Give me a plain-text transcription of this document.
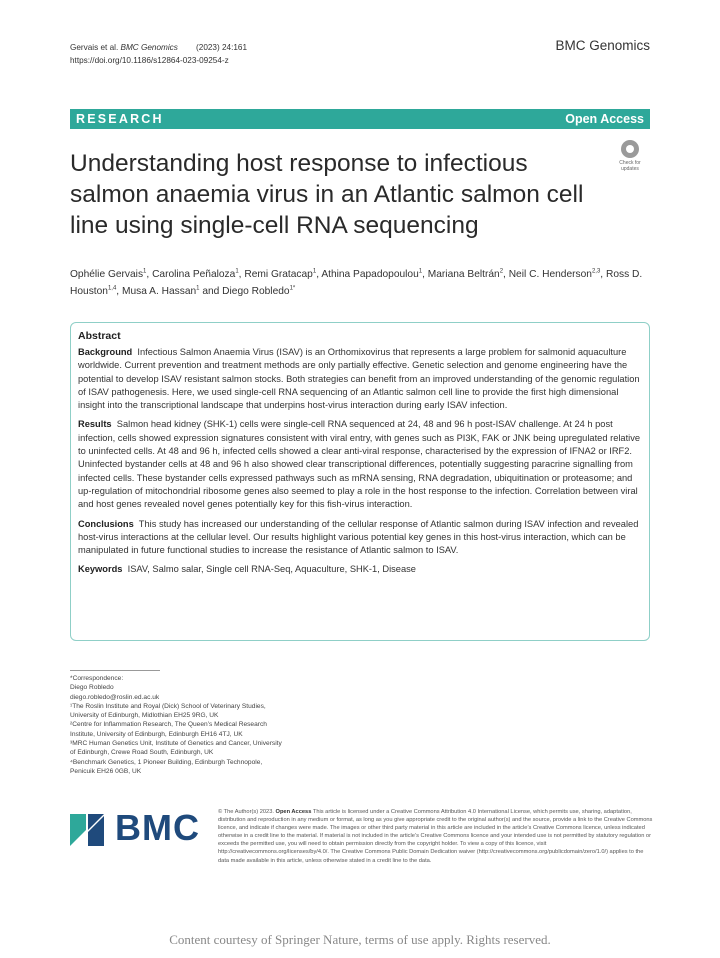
Gervais et al. BMC Genomics (2023) 24:161
https://doi.org/10.1186/s12864-023-09254-z
BMC Genomics
RESEARCH	Open Access
Understanding host response to infectious salmon anaemia virus in an Atlantic salmon cell line using single-cell RNA sequencing
Check for
updates
Ophélie Gervais$^1$, Carolina Peñaloza$^1$, Remi Gratacap$^1$, Athina Papadopoulou$^1$, Mariana Beltrán$^2$, Neil C. Henderson$^{2,3}$, Ross D. Houston$^{1,4}$, Musa A. Hassan$^1$ and Diego Robledo$^{1*}$
Abstract

Background Infectious Salmon Anaemia Virus (ISAV) is an Orthomixovirus that represents a large problem for salmonid aquaculture worldwide. Current prevention and treatment methods are only partially effective. Genetic selection and genome engineering have the potential to develop ISAV resistant salmon stocks. Both strategies can benefit from an improved understanding of the genomic regulation of ISAV pathogenesis. Here, we used single-cell RNA sequencing of an Atlantic salmon cell line to provide the first high dimensional insight into the transcriptional landscape that underpins host-virus interaction during early ISAV infection.

Results Salmon head kidney (SHK-1) cells were single-cell RNA sequenced at 24, 48 and 96 h post-ISAV challenge. At 24 h post infection, cells showed expression signatures consistent with viral entry, with genes such as PI3K, FAK or JNK being upregulated relative to uninfected cells. At 48 and 96 h, infected cells showed a clear anti-viral response, characterised by the expression of IFNA2 or IRF2. Uninfected bystander cells at 48 and 96 h also showed clear transcriptional differences, potentially suggesting paracrine signalling from infected cells. These bystander cells expressed pathways such as mRNA sensing, RNA degradation, ubiquitination or proteasome; and up-regulation of mitochondrial ribosome genes also seemed to play a role in the host response to the infection. Correlation between viral and host genes revealed novel genes potentially key for this fish-virus interaction.

Conclusions This study has increased our understanding of the cellular response of Atlantic salmon during ISAV infection and revealed host-virus interactions at the cellular level. Our results highlight various potential key genes in this host-virus interaction, which can be manipulated in future functional studies to increase the resistance of Atlantic salmon to ISAV.

Keywords ISAV, Salmo salar, Single cell RNA-Seq, Aquaculture, SHK-1, Disease

*Correspondence:
Diego Robledo
diego.robledo@roslin.ed.ac.uk
¹The Roslin Institute and Royal (Dick) School of Veterinary Studies,
University of Edinburgh, Midlothian EH25 9RG, UK
²Centre for Inflammation Research, The Queen’s Medical Research
Institute, University of Edinburgh, Edinburgh EH16 4TJ, UK
³MRC Human Genetics Unit, Institute of Genetics and Cancer, University
of Edinburgh, Crewe Road South, Edinburgh, UK
⁴Benchmark Genetics, 1 Pioneer Building, Edinburgh Technopole,
Penicuik EH26 0GB, UK
BMC	© The Author(s) 2023. Open Access This article is licensed under a Creative Commons Attribution 4.0 International License, which permits use, sharing, adaptation, distribution and reproduction in any medium or format, as long as you give appropriate credit to the original author(s) and the source, provide a link to the Creative Commons licence, and indicate if changes were made. The images or other third party material in this article are included in the article’s Creative Commons licence, unless indicated otherwise in a credit line to the material. If material is not included in the article’s Creative Commons licence and your intended use is not permitted by statutory regulation or exceeds the permitted use, you will need to obtain permission directly from the copyright holder. To view a copy of this licence, visit http://creativecommons.org/licenses/by/4.0/. The Creative Commons Public Domain Dedication waiver (http://creativecommons.org/publicdomain/zero/1.0/) applies to the data made available in this article, unless otherwise stated in a credit line to the data.
Content courtesy of Springer Nature, terms of use apply. Rights reserved.
